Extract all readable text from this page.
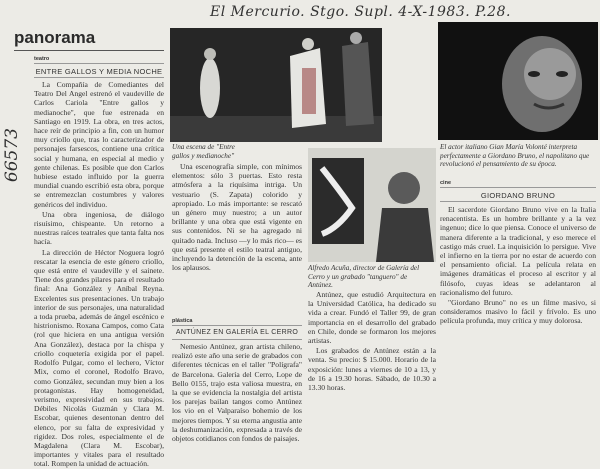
El Mercurio. Stgo. Supl. 4-X-1983. P.28.
66573
panorama
teatro
ENTRE GALLOS Y MEDIA NOCHE

La Compañía de Comediantes del Teatro Del Angel estrenó el vaudeville de Carlos Cariola "Entre gallos y medianoche", que fue estrenada en Santiago en 1919. La obra, en tres actos, hace reír de principio a fin, con un humor muy criollo que, tras lo caracterizador de personajes farsescos, contiene una crítica social y humana, en especial al medio y gente chilenas. Es posible que don Carlos hubiese estado influido por la guerra mundial cuando escribió esta obra, porque se entremezclan costumbres y valores genéricos del individuo.

Una obra ingeniosa, de diálogo risuísimo, chispeante. Un retorno a nuestras raíces teatrales que tanta falta nos hacía.

La dirección de Héctor Noguera logró rescatar la esencia de este género criollo, que está entre el vaudeville y el sainete. Tiene dos grandes pilares para el resultado final: Ana González y Aníbal Reyna. Excelentes sus presentaciones. Un trabajo interior de sus personajes, una naturalidad a toda prueba, además de ángel escénico e histrionismo. Roxana Campos, como Cata (rol que hiciera en una antigua versión Ana González), destaca por la chispa y criollo coquetería exigida por el papel. Rodolfo Pulgar, como el lechero, Víctor Mix, como el coronel, Rodolfo Bravo, como González, secundan muy bien a los protagonistas. Hay homogeneidad, verismo, expresividad en sus trabajos. Débiles Nicolás Guzmán y Clara M. Escobar, quienes desentonan dentro del elenco, por su falta de expresividad y rigidez. Dos roles, especialmente el de Magdalena (Clara M. Escobar), importantes y vitales para el resultado total. Rompen la unidad de actuación.

Una escena de "Entre gallos y medianoche"

Una escenografía simple, con mínimos elementos: sólo 3 puertas. Esto resta atmósfera a la riquísima intriga. Un vestuario (S. Zapata) colorido y apropiado. Lo más importante: se rescató un género muy nuestro; a un autor brillante y una obra que está vigente en sus contenidos. Ni se ha agregado ni quitado nada. Incluso —y lo más rico— es que está presente el estilo teatral antiguo, incluyendo la detención de la escena, ante los aplausos.	Alfredo Acuña, director de Galería del Cerro y un grabado "tanguero" de Antúnez.
plástica
ANTÚNEZ EN GALERÍA EL CERRO

Nemesio Antúnez, gran artista chileno, realizó este año una serie de grabados con diferentes técnicas en el taller "Polígrafa" de Barcelona. Galería del Cerro, Lope de Bello 0155, trajo esta valiosa muestra, en la que se evidencia la nostalgia del artista los parejas bailan tangos como Antúnez los vio en el Valparaíso bohemio de los mejores tiempos. Y su eterna angustia ante la deshumanización, expresada a través de objetos cotidianos con fondos de paisajes.

Antúnez, que estudió Arquitectura en la Universidad Católica, ha dedicado su vida a crear. Fundó el Taller 99, de gran importancia en el desarrollo del grabado en Chile, donde se formaron los mejores artistas.

Los grabados de Antúnez están a la venta. Su precio: $ 15.000. Horario de la exposición: lunes a viernes de 10 a 13, y de 16 a 19.30 horas. Sábado, de 10.30 a 13.30 horas.

El actor italiano Gian María Volonté interpreta perfectamente a Giordano Bruno, el napolitano que revolucionó el pensamiento de su época.
cine
GIORDANO BRUNO

El sacerdote Giordano Bruno vive en la Italia renacentista. Es un hombre brillante y a la vez ingenuo; dice lo que piensa. Conoce el universo de manera diferente a la tradicional, y eso merece el castigo más cruel. La inquisición lo persigue. Vive el infierno en la tierra por no estar de acuerdo con el pensamiento oficial. La película relata en imágenes dramáticas el proceso al escritor y al filósofo, cuyas ideas se adelantaron al racionalismo del futuro.

"Giordano Bruno" no es un filme masivo, si consideramos masivo lo fácil y frívolo. Es uno película profunda, muy crítica y muy dolorosa.
